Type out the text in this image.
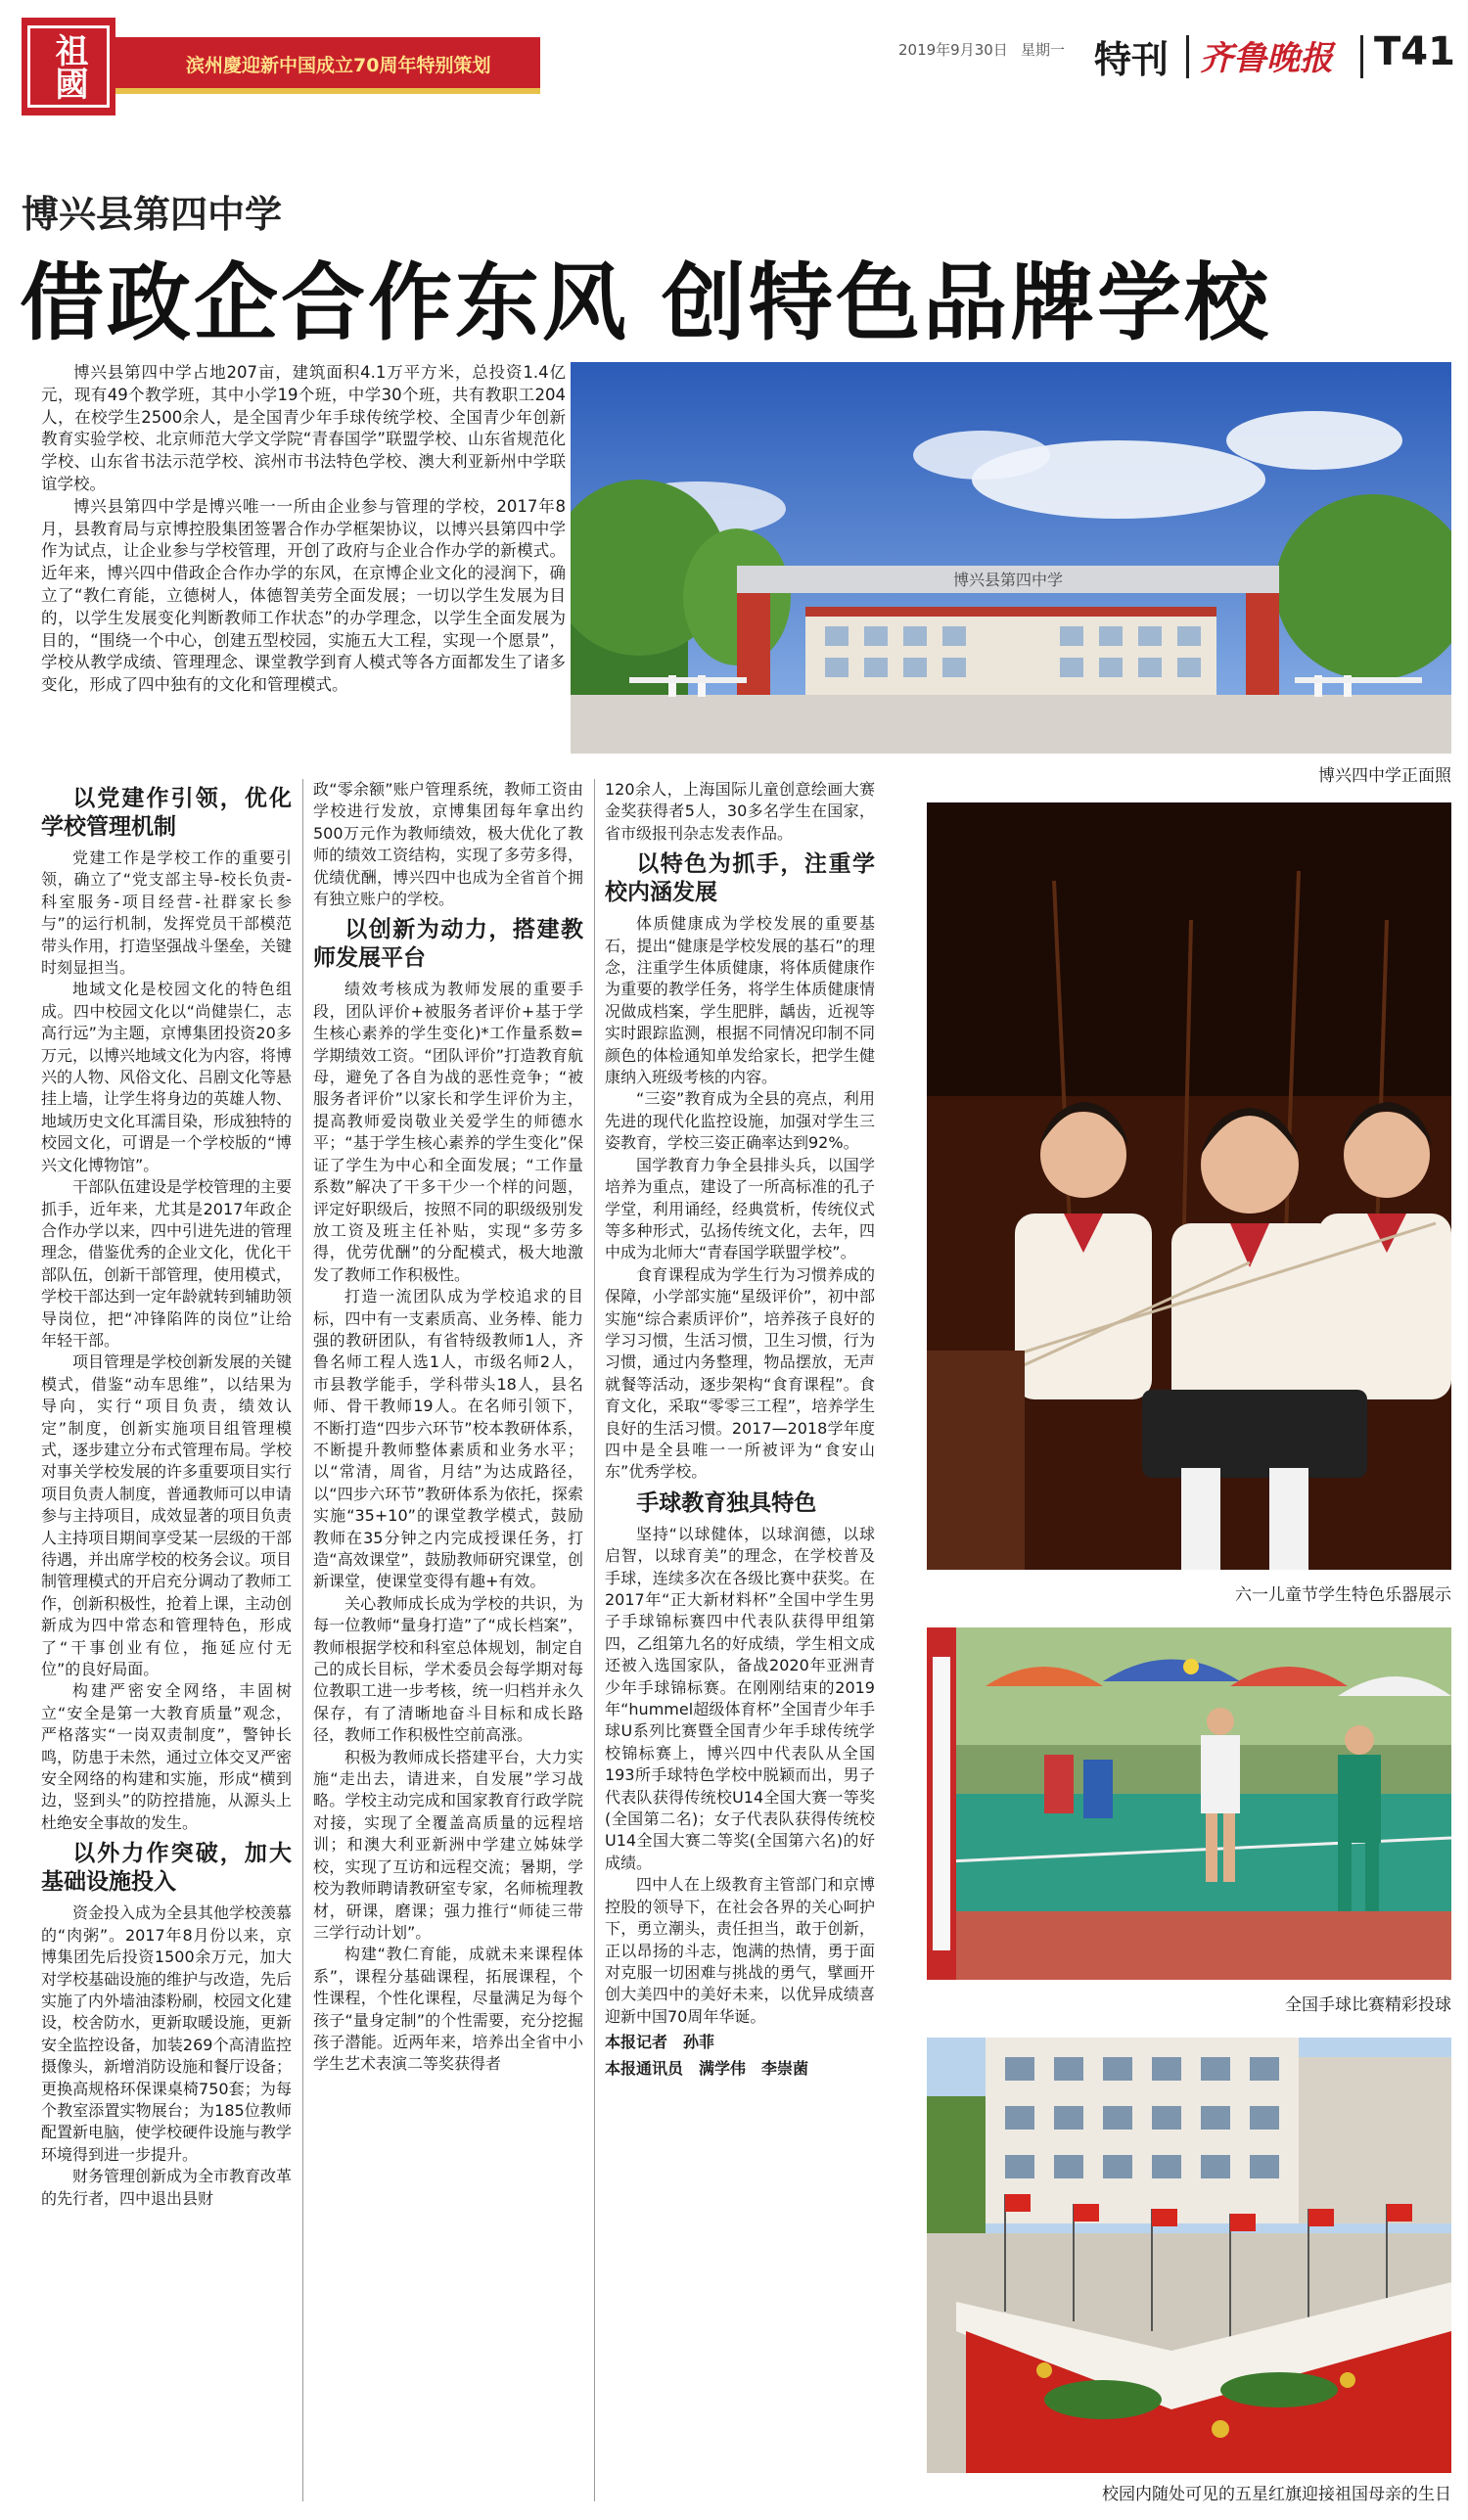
祖國	滨州慶迎新中国成立70周年特别策划
2019年9月30日 星期一 特刊 齐鲁晚报 T41
博兴县第四中学
借政企合作东风 创特色品牌学校

博兴县第四中学占地207亩，建筑面积4.1万平方米，总投资1.4亿元，现有49个教学班，其中小学19个班，中学30个班，共有教职工204人，在校学生2500余人，是全国青少年手球传统学校、全国青少年创新教育实验学校、北京师范大学文学院“青春国学”联盟学校、山东省规范化学校、山东省书法示范学校、滨州市书法特色学校、澳大利亚新州中学联谊学校。

博兴县第四中学是博兴唯一一所由企业参与管理的学校，2017年8月，县教育局与京博控股集团签署合作办学框架协议，以博兴县第四中学作为试点，让企业参与学校管理，开创了政府与企业合作办学的新模式。近年来，博兴四中借政企合作办学的东风，在京博企业文化的浸润下，确立了“教仁育能，立德树人，体德智美劳全面发展；一切以学生发展为目的，以学生发展变化判断教师工作状态”的办学理念，以学生全面发展为目的，“围绕一个中心，创建五型校园，实施五大工程，实现一个愿景”，学校从教学成绩、管理理念、课堂教学到育人模式等各方面都发生了诸多变化，形成了四中独有的文化和管理模式。

博兴县第四中学
博兴四中学正面照
六一儿童节学生特色乐器展示
全国手球比赛精彩投球
校园内随处可见的五星红旗迎接祖国母亲的生日
以党建作引领，优化学校管理机制

党建工作是学校工作的重要引领，确立了“党支部主导-校长负责-科室服务-项目经营-社群家长参与”的运行机制，发挥党员干部模范带头作用，打造坚强战斗堡垒，关键时刻显担当。

地域文化是校园文化的特色组成。四中校园文化以“尚健崇仁，志高行远”为主题，京博集团投资20多万元，以博兴地域文化为内容，将博兴的人物、风俗文化、吕剧文化等悬挂上墙，让学生将身边的英雄人物、地域历史文化耳濡目染，形成独特的校园文化，可谓是一个学校版的“博兴文化博物馆”。

干部队伍建设是学校管理的主要抓手，近年来，尤其是2017年政企合作办学以来，四中引进先进的管理理念，借鉴优秀的企业文化，优化干部队伍，创新干部管理，使用模式，学校干部达到一定年龄就转到辅助领导岗位，把“冲锋陷阵的岗位”让给年轻干部。

项目管理是学校创新发展的关键模式，借鉴“动车思维”，以结果为导向，实行“项目负责，绩效认定”制度，创新实施项目组管理模式，逐步建立分布式管理布局。学校对事关学校发展的许多重要项目实行项目负责人制度，普通教师可以申请参与主持项目，成效显著的项目负责人主持项目期间享受某一层级的干部待遇，并出席学校的校务会议。项目制管理模式的开启充分调动了教师工作，创新积极性，抢着上课，主动创新成为四中常态和管理特色，形成了“干事创业有位，拖延应付无位”的良好局面。

构建严密安全网络，丰固树立“安全是第一大教育质量”观念，严格落实“一岗双责制度”，警钟长鸣，防患于未然，通过立体交叉严密安全网络的构建和实施，形成“横到边，竖到头”的防控措施，从源头上杜绝安全事故的发生。

以外力作突破，加大基础设施投入

资金投入成为全县其他学校羡慕的“肉粥”。2017年8月份以来，京博集团先后投资1500余万元，加大对学校基础设施的维护与改造，先后实施了内外墙油漆粉刷，校园文化建设，校舍防水，更新取暖设施，更新安全监控设备，加装269个高清监控摄像头，新增消防设施和餐厅设备；更换高规格环保课桌椅750套；为每个教室添置实物展台；为185位教师配置新电脑，使学校硬件设施与教学环境得到进一步提升。

财务管理创新成为全市教育改革的先行者，四中退出县财

政“零余额”账户管理系统，教师工资由学校进行发放，京博集团每年拿出约500万元作为教师绩效，极大优化了教师的绩效工资结构，实现了多劳多得，优绩优酬，博兴四中也成为全省首个拥有独立账户的学校。

以创新为动力，搭建教师发展平台

绩效考核成为教师发展的重要手段，团队评价+被服务者评价+基于学生核心素养的学生变化)*工作量系数=学期绩效工资。“团队评价”打造教育航母，避免了各自为战的恶性竞争；“被服务者评价”以家长和学生评价为主，提高教师爱岗敬业关爱学生的师德水平；“基于学生核心素养的学生变化”保证了学生为中心和全面发展；“工作量系数”解决了干多干少一个样的问题，评定好职级后，按照不同的职级级别发放工资及班主任补贴，实现“多劳多得，优劳优酬”的分配模式，极大地激发了教师工作积极性。

打造一流团队成为学校追求的目标，四中有一支素质高、业务棒、能力强的教研团队，有省特级教师1人，齐鲁名师工程人选1人，市级名师2人，市县教学能手，学科带头18人，县名师、骨干教师19人。在名师引领下，不断打造“四步六环节”校本教研体系，不断提升教师整体素质和业务水平；以“常清，周省，月结”为达成路径，以“四步六环节”教研体系为依托，探索实施“35+10”的课堂教学模式，鼓励教师在35分钟之内完成授课任务，打造“高效课堂”，鼓励教师研究课堂，创新课堂，使课堂变得有趣+有效。

关心教师成长成为学校的共识，为每一位教师“量身打造”了“成长档案”，教师根据学校和科室总体规划，制定自己的成长目标，学术委员会每学期对每位教职工进一步考核，统一归档并永久保存，有了清晰地奋斗目标和成长路径，教师工作积极性空前高涨。

积极为教师成长搭建平台，大力实施“走出去，请进来，自发展”学习战略。学校主动完成和国家教育行政学院对接，实现了全覆盖高质量的远程培训；和澳大利亚新洲中学建立姊妹学校，实现了互访和远程交流；暑期，学校为教师聘请教研室专家，名师梳理教材，研课，磨课；强力推行“师徒三带三学行动计划”。

构建“教仁育能，成就未来课程体系”，课程分基础课程，拓展课程，个性课程，个性化课程，尽量满足为每个孩子“量身定制”的个性需要，充分挖掘孩子潜能。近两年来，培养出全省中小学生艺术表演二等奖获得者

120余人，上海国际儿童创意绘画大赛金奖获得者5人，30多名学生在国家，省市级报刊杂志发表作品。

以特色为抓手，注重学校内涵发展

体质健康成为学校发展的重要基石，提出“健康是学校发展的基石”的理念，注重学生体质健康，将体质健康作为重要的教学任务，将学生体质健康情况做成档案，学生肥胖，龋齿，近视等实时跟踪监测，根据不同情况印制不同颜色的体检通知单发给家长，把学生健康纳入班级考核的内容。

“三姿”教育成为全县的亮点，利用先进的现代化监控设施，加强对学生三姿教育，学校三姿正确率达到92%。

国学教育力争全县排头兵，以国学培养为重点，建设了一所高标准的孔子学堂，利用诵经，经典赏析，传统仪式等多种形式，弘扬传统文化，去年，四中成为北师大“青春国学联盟学校”。

食育课程成为学生行为习惯养成的保障，小学部实施“星级评价”，初中部实施“综合素质评价”，培养孩子良好的学习习惯，生活习惯，卫生习惯，行为习惯，通过内务整理，物品摆放，无声就餐等活动，逐步架构“食育课程”。食育文化，采取“零零三工程”，培养学生良好的生活习惯。2017—2018学年度四中是全县唯一一所被评为“食安山东”优秀学校。

手球教育独具特色

坚持“以球健体，以球润德，以球启智，以球育美”的理念，在学校普及手球，连续多次在各级比赛中获奖。在2017年“正大新材料杯”全国中学生男子手球锦标赛四中代表队获得甲组第四，乙组第九名的好成绩，学生相文成还被入选国家队，备战2020年亚洲青少年手球锦标赛。在刚刚结束的2019年“hummel超级体育杯”全国青少年手球U系列比赛暨全国青少年手球传统学校锦标赛上，博兴四中代表队从全国193所手球特色学校中脱颖而出，男子代表队获得传统校U14全国大赛一等奖(全国第二名)；女子代表队获得传统校U14全国大赛二等奖(全国第六名)的好成绩。

四中人在上级教育主管部门和京博控股的领导下，在社会各界的关心呵护下，勇立潮头，责任担当，敢于创新，正以昂扬的斗志，饱满的热情，勇于面对克服一切困难与挑战的勇气，擘画开创大美四中的美好未来，以优异成绩喜迎新中国70周年华诞。

本报记者　孙菲

本报通讯员　满学伟　李崇菌
